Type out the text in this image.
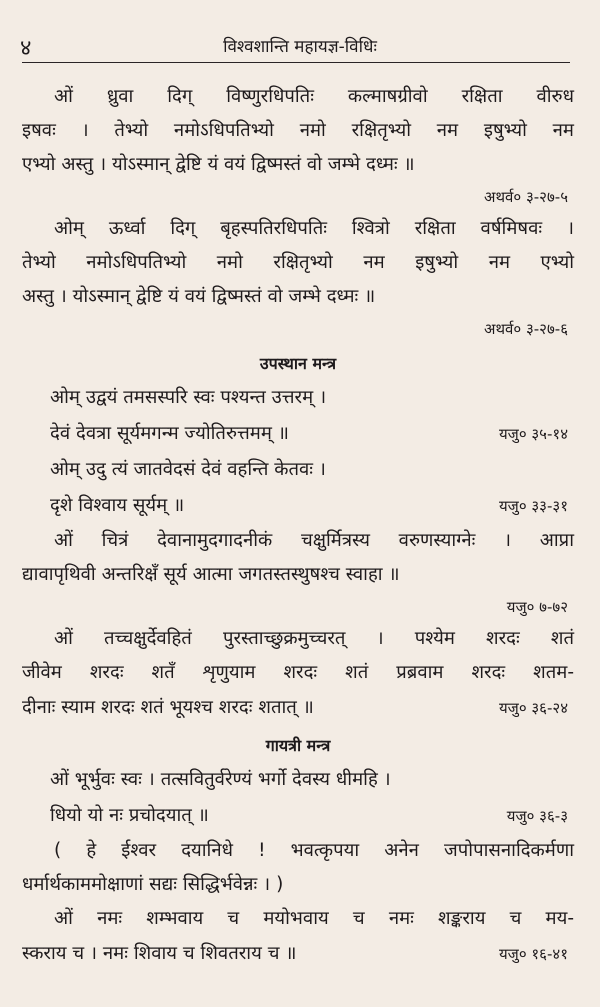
४	विश्वशान्ति महायज्ञ-विधिः
ओं ध्रुवा दिग् विष्णुरधिपतिः कल्माषग्रीवो रक्षिता वीरुध
इषवः । तेभ्यो नमोऽधिपतिभ्यो नमो रक्षितृभ्यो नम इषुभ्यो नम
एभ्यो अस्तु । योऽस्मान् द्वेष्टि यं वयं द्विष्मस्तं वो जम्भे दध्मः ॥
अथर्व० ३-२७-५
ओम् ऊर्ध्वा दिग् बृहस्पतिरधिपतिः श्वित्रो रक्षिता वर्षमिषवः ।
तेभ्यो नमोऽधिपतिभ्यो नमो रक्षितृभ्यो नम इषुभ्यो नम एभ्यो
अस्तु । योऽस्मान् द्वेष्टि यं वयं द्विष्मस्तं वो जम्भे दध्मः ॥
अथर्व० ३-२७-६
उपस्थान मन्त्र
ओम् उद्वयं तमसस्परि स्वः पश्यन्त उत्तरम् ।
देवं देवत्रा सूर्यमगन्म ज्योतिरुत्तमम् ॥	यजु० ३५-१४
ओम् उदु त्यं जातवेदसं देवं वहन्ति केतवः ।
दृशे विश्वाय सूर्यम् ॥	यजु० ३३-३१
ओं चित्रं देवानामुदगादनीकं चक्षुर्मित्रस्य वरुणस्याग्नेः । आप्रा
द्यावापृथिवी अन्तरिक्षँ सूर्य आत्मा जगतस्तस्थुषश्च स्वाहा ॥
यजु० ७-७२
ओं तच्चक्षुर्देवहितं पुरस्ताच्छुक्रमुच्चरत् । पश्येम शरदः शतं
जीवेम शरदः शतँ शृणुयाम शरदः शतं प्रब्रवाम शरदः शतम-
दीनाः स्याम शरदः शतं भूयश्च शरदः शतात् ॥	यजु० ३६-२४
गायत्री मन्त्र
ओं भूर्भुवः स्वः । तत्सवितुर्वरेण्यं भर्गो देवस्य धीमहि ।
धियो यो नः प्रचोदयात् ॥	यजु० ३६-३
( हे ईश्वर दयानिधे ! भवत्कृपया अनेन जपोपासनादिकर्मणा
धर्मार्थकाममोक्षाणां सद्यः सिद्धिर्भवेन्नः । )
ओं नमः शम्भवाय च मयोभवाय च नमः शङ्कराय च मय-
स्कराय च । नमः शिवाय च शिवतराय च ॥	यजु० १६-४१
